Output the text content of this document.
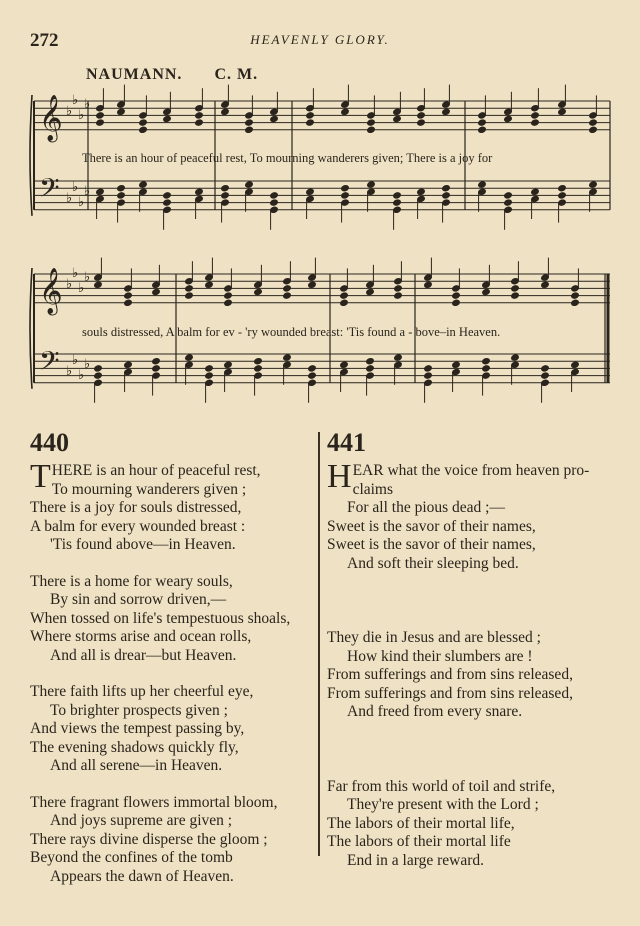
272	HEAVENLY GLORY.
NAUMANN. C. M.
𝄞 ♭
♭
♭
♭
𝄢 ♭
♭
♭
♭
𝄞 ♭
♭
♭
♭
𝄢 ♭
♭
♭
♭
There is an hour of peaceful rest, To mourning wanderers given; There is a joy for
souls distressed, A balm for ev - 'ry wounded breast: 'Tis found a - bove–in Heaven.
440
THERE is an hour of peaceful rest,
To mourning wanderers given ;
There is a joy for souls distressed,
A balm for every wounded breast :
'Tis found above—in Heaven.
There is a home for weary souls,
By sin and sorrow driven,—
When tossed on life's tempestuous shoals,
Where storms arise and ocean rolls,
And all is drear—but Heaven.
There faith lifts up her cheerful eye,
To brighter prospects given ;
And views the tempest passing by,
The evening shadows quickly fly,
And all serene—in Heaven.
There fragrant flowers immortal bloom,
And joys supreme are given ;
There rays divine disperse the gloom ;
Beyond the confines of the tomb
Appears the dawn of Heaven.
441
HEAR what the voice from heaven pro-
claims
For all the pious dead ;—
Sweet is the savor of their names,
Sweet is the savor of their names,
And soft their sleeping bed.
They die in Jesus and are blessed ;
How kind their slumbers are !
From sufferings and from sins released,
From sufferings and from sins released,
And freed from every snare.
Far from this world of toil and strife,
They're present with the Lord ;
The labors of their mortal life,
The labors of their mortal life
End in a large reward.
